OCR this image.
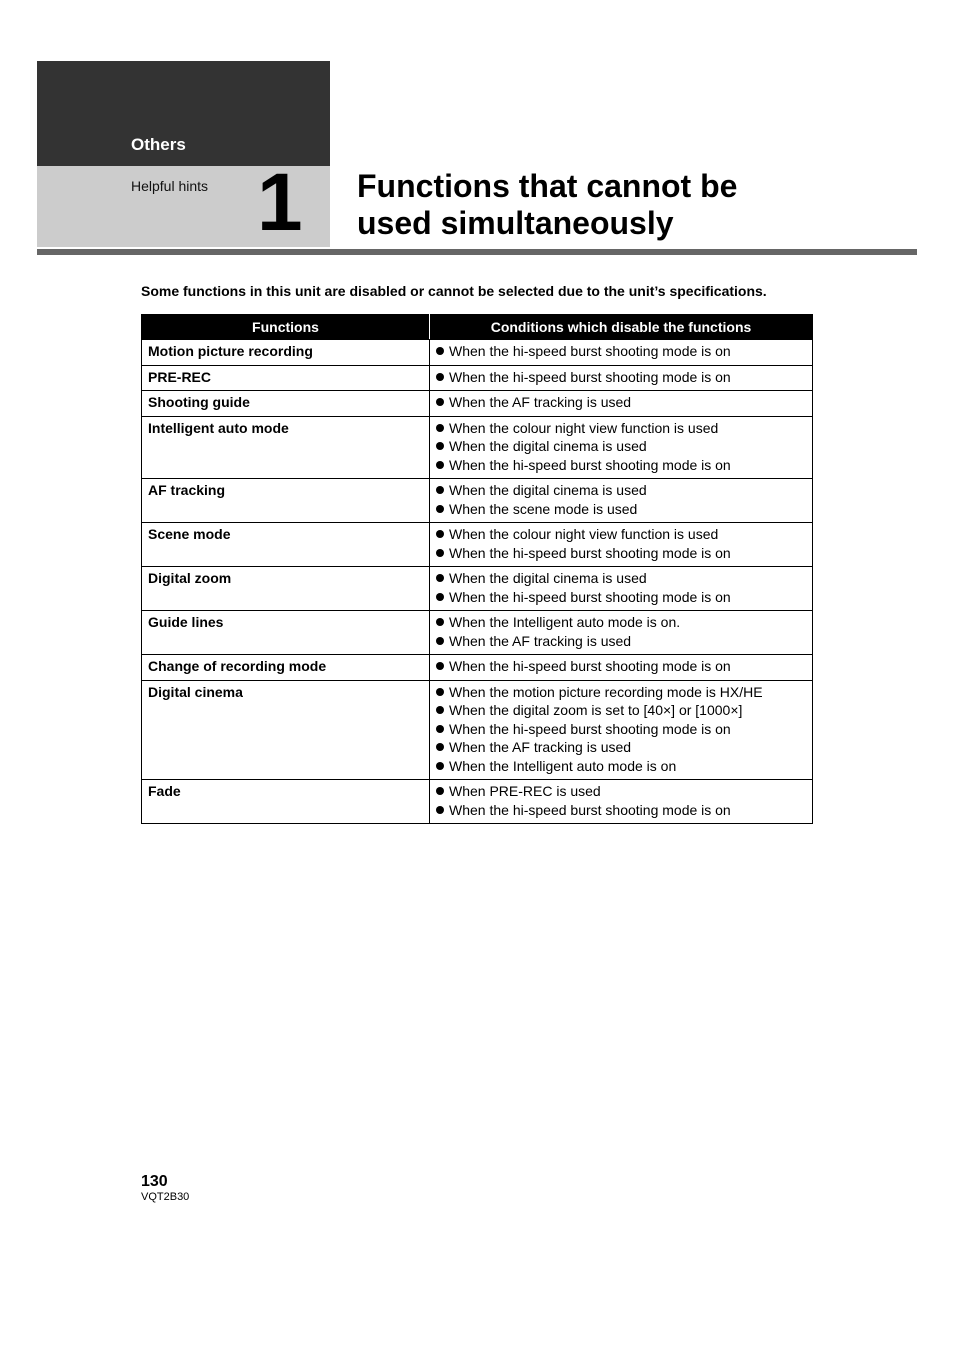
Others
Helpful hints 1 Functions that cannot be
used simultaneously

Some functions in this unit are disabled or cannot be selected due to the unit’s specifications.

Functions	Conditions which disable the functions
Motion picture recording	When the hi-speed burst shooting mode is on

PRE-REC	When the hi-speed burst shooting mode is on

Shooting guide	When the AF tracking is used

Intelligent auto mode	When the colour night view function is used
When the digital cinema is used
When the hi-speed burst shooting mode is on

AF tracking	When the digital cinema is used
When the scene mode is used

Scene mode	When the colour night view function is used
When the hi-speed burst shooting mode is on

Digital zoom	When the digital cinema is used
When the hi-speed burst shooting mode is on

Guide lines	When the Intelligent auto mode is on.
When the AF tracking is used

Change of recording mode	When the hi-speed burst shooting mode is on

Digital cinema	When the motion picture recording mode is HX/HE
When the digital zoom is set to [40×] or [1000×]
When the hi-speed burst shooting mode is on
When the AF tracking is used
When the Intelligent auto mode is on

Fade	When PRE-REC is used
When the hi-speed burst shooting mode is on
130
VQT2B30
